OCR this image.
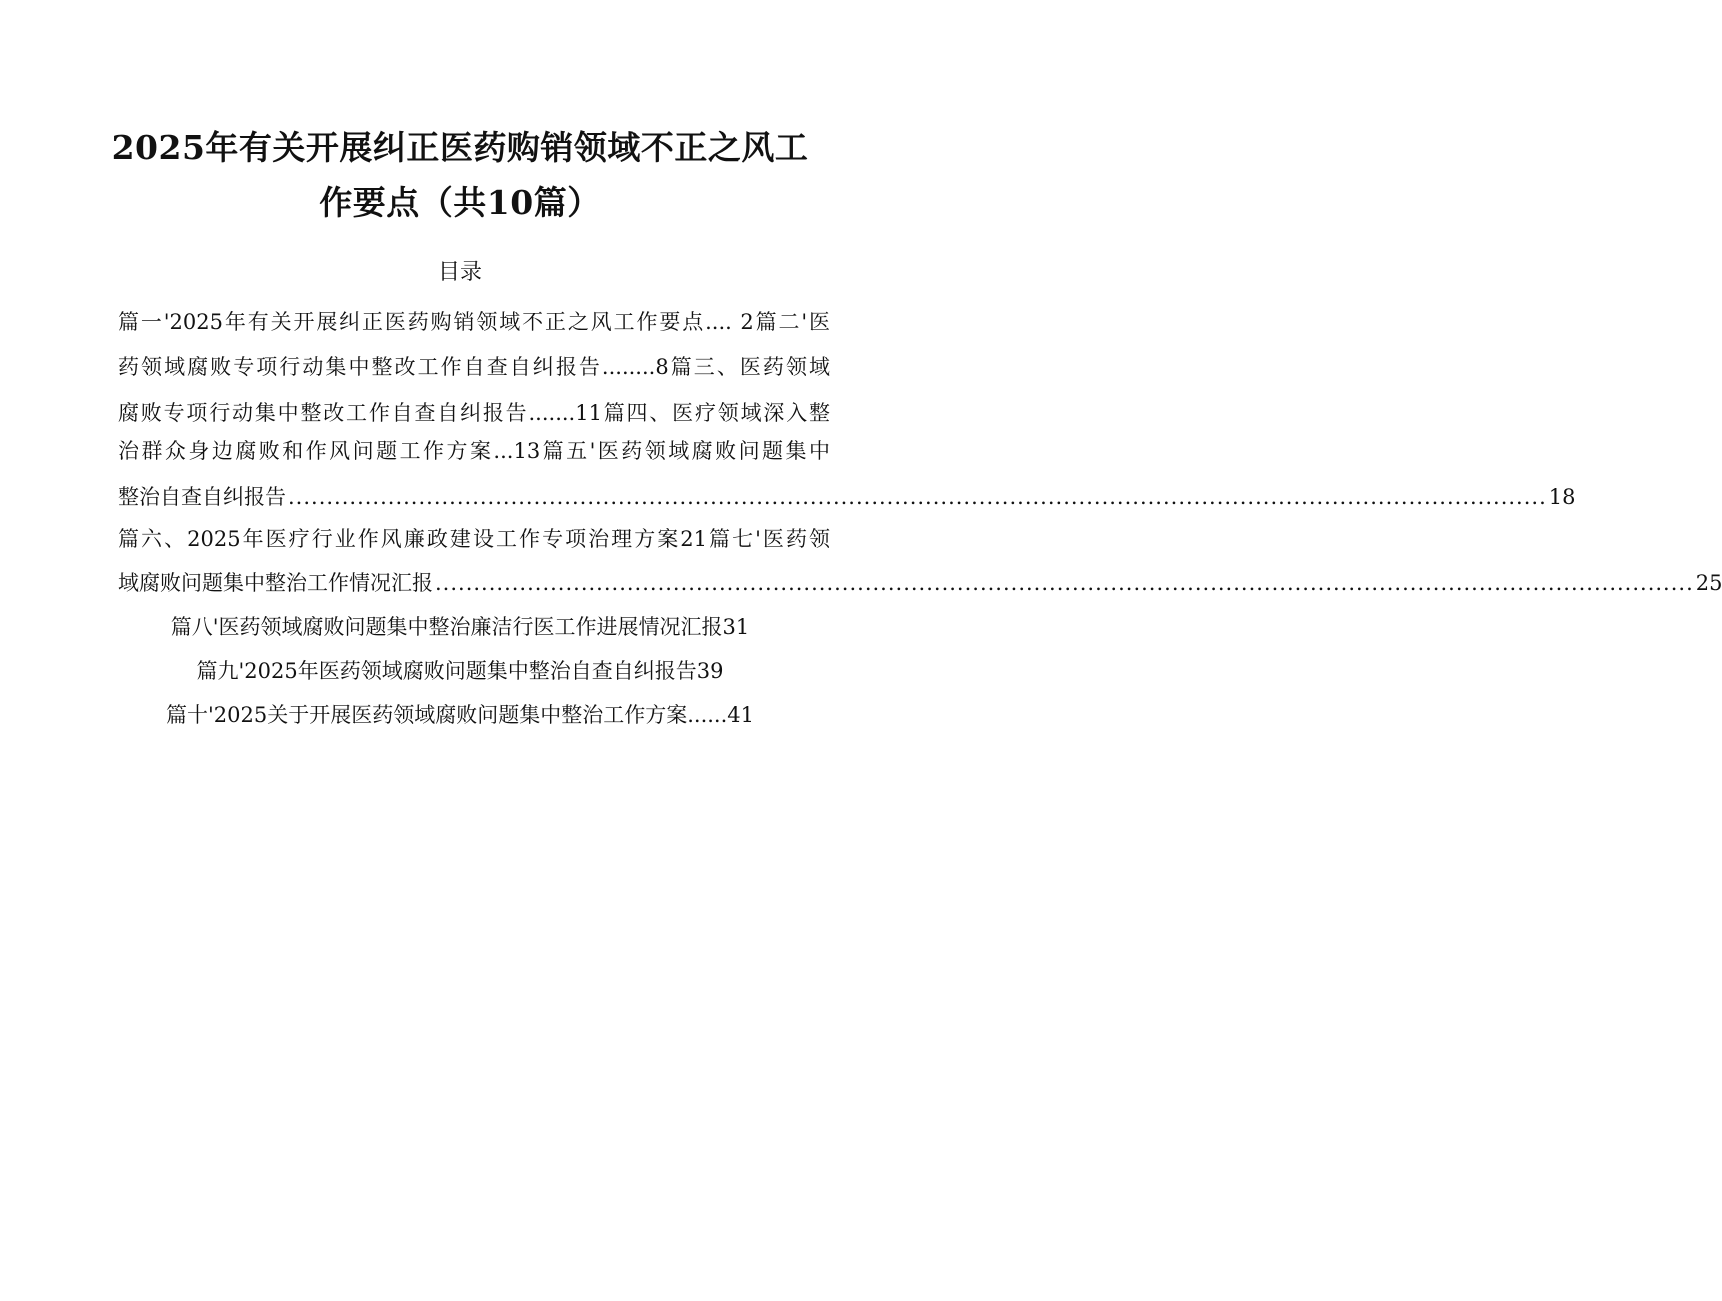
2025年有关开展纠正医药购销领域不正之风工
作要点（共10篇）
目录
篇一'2025年有关开展纠正医药购销领域不正之风工作要点.... 2篇二'医
药领域腐败专项行动集中整改工作自查自纠报告........8篇三、医药领域
腐败专项行动集中整改工作自查自纠报告.......11篇四、医疗领域深入整
治群众身边腐败和作风问题工作方案...13篇五'医药领域腐败问题集中
整治自查自纠报告 .................................................................................................................................................................... 18
篇六、2025年医疗行业作风廉政建设工作专项治理方案21篇七'医药领
域腐败问题集中整治工作情况汇报 .................................................................................................................................................................... 25
篇八'医药领域腐败问题集中整治廉洁行医工作进展情况汇报31
篇九'2025年医药领域腐败问题集中整治自查自纠报告39
篇十'2025关于开展医药领域腐败问题集中整治工作方案......41
